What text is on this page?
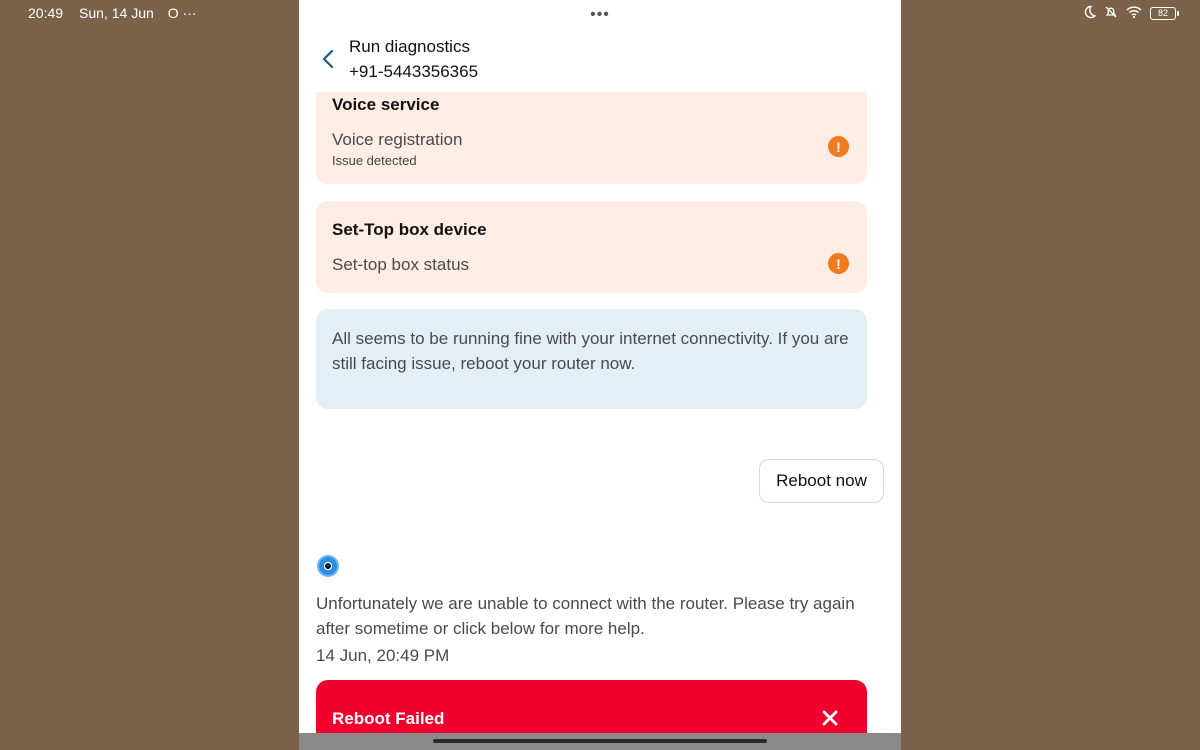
20:49 Sun, 14 Jun O ···	82
•••
Run diagnostics
+91-5443356365
Voice service
Voice registration
Issue detected
!
Set-Top box device
Set-top box status	!
All seems to be running fine with your internet connectivity. If you are still facing issue, reboot your router now.
Reboot now
Unfortunately we are unable to connect with the router. Please try again after sometime or click below for more help.
14 Jun, 20:49 PM
Reboot Failed
